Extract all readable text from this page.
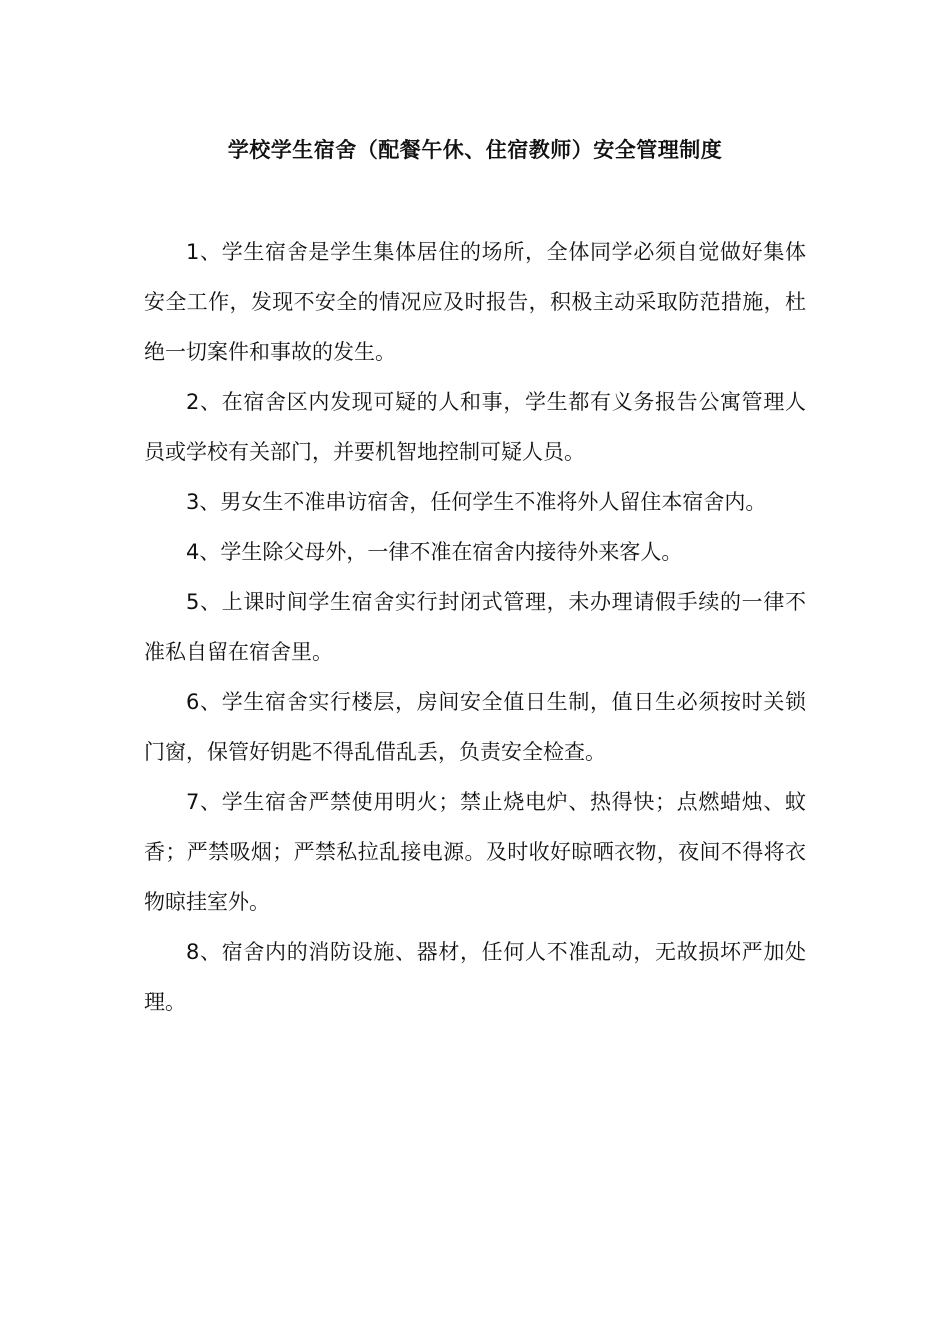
学校学生宿舍（配餐午休、住宿教师）安全管理制度

1、学生宿舍是学生集体居住的场所，全体同学必须自觉做好集体安全工作，发现不安全的情况应及时报告，积极主动采取防范措施，杜绝一切案件和事故的发生。

2、在宿舍区内发现可疑的人和事，学生都有义务报告公寓管理人员或学校有关部门，并要机智地控制可疑人员。

3、男女生不准串访宿舍，任何学生不准将外人留住本宿舍内。

4、学生除父母外，一律不准在宿舍内接待外来客人。

5、上课时间学生宿舍实行封闭式管理，未办理请假手续的一律不准私自留在宿舍里。

6、学生宿舍实行楼层，房间安全值日生制，值日生必须按时关锁门窗，保管好钥匙不得乱借乱丢，负责安全检查。

7、学生宿舍严禁使用明火；禁止烧电炉、热得快；点燃蜡烛、蚊香；严禁吸烟；严禁私拉乱接电源。及时收好晾晒衣物，夜间不得将衣物晾挂室外。

8、宿舍内的消防设施、器材，任何人不准乱动，无故损坏严加处理。
